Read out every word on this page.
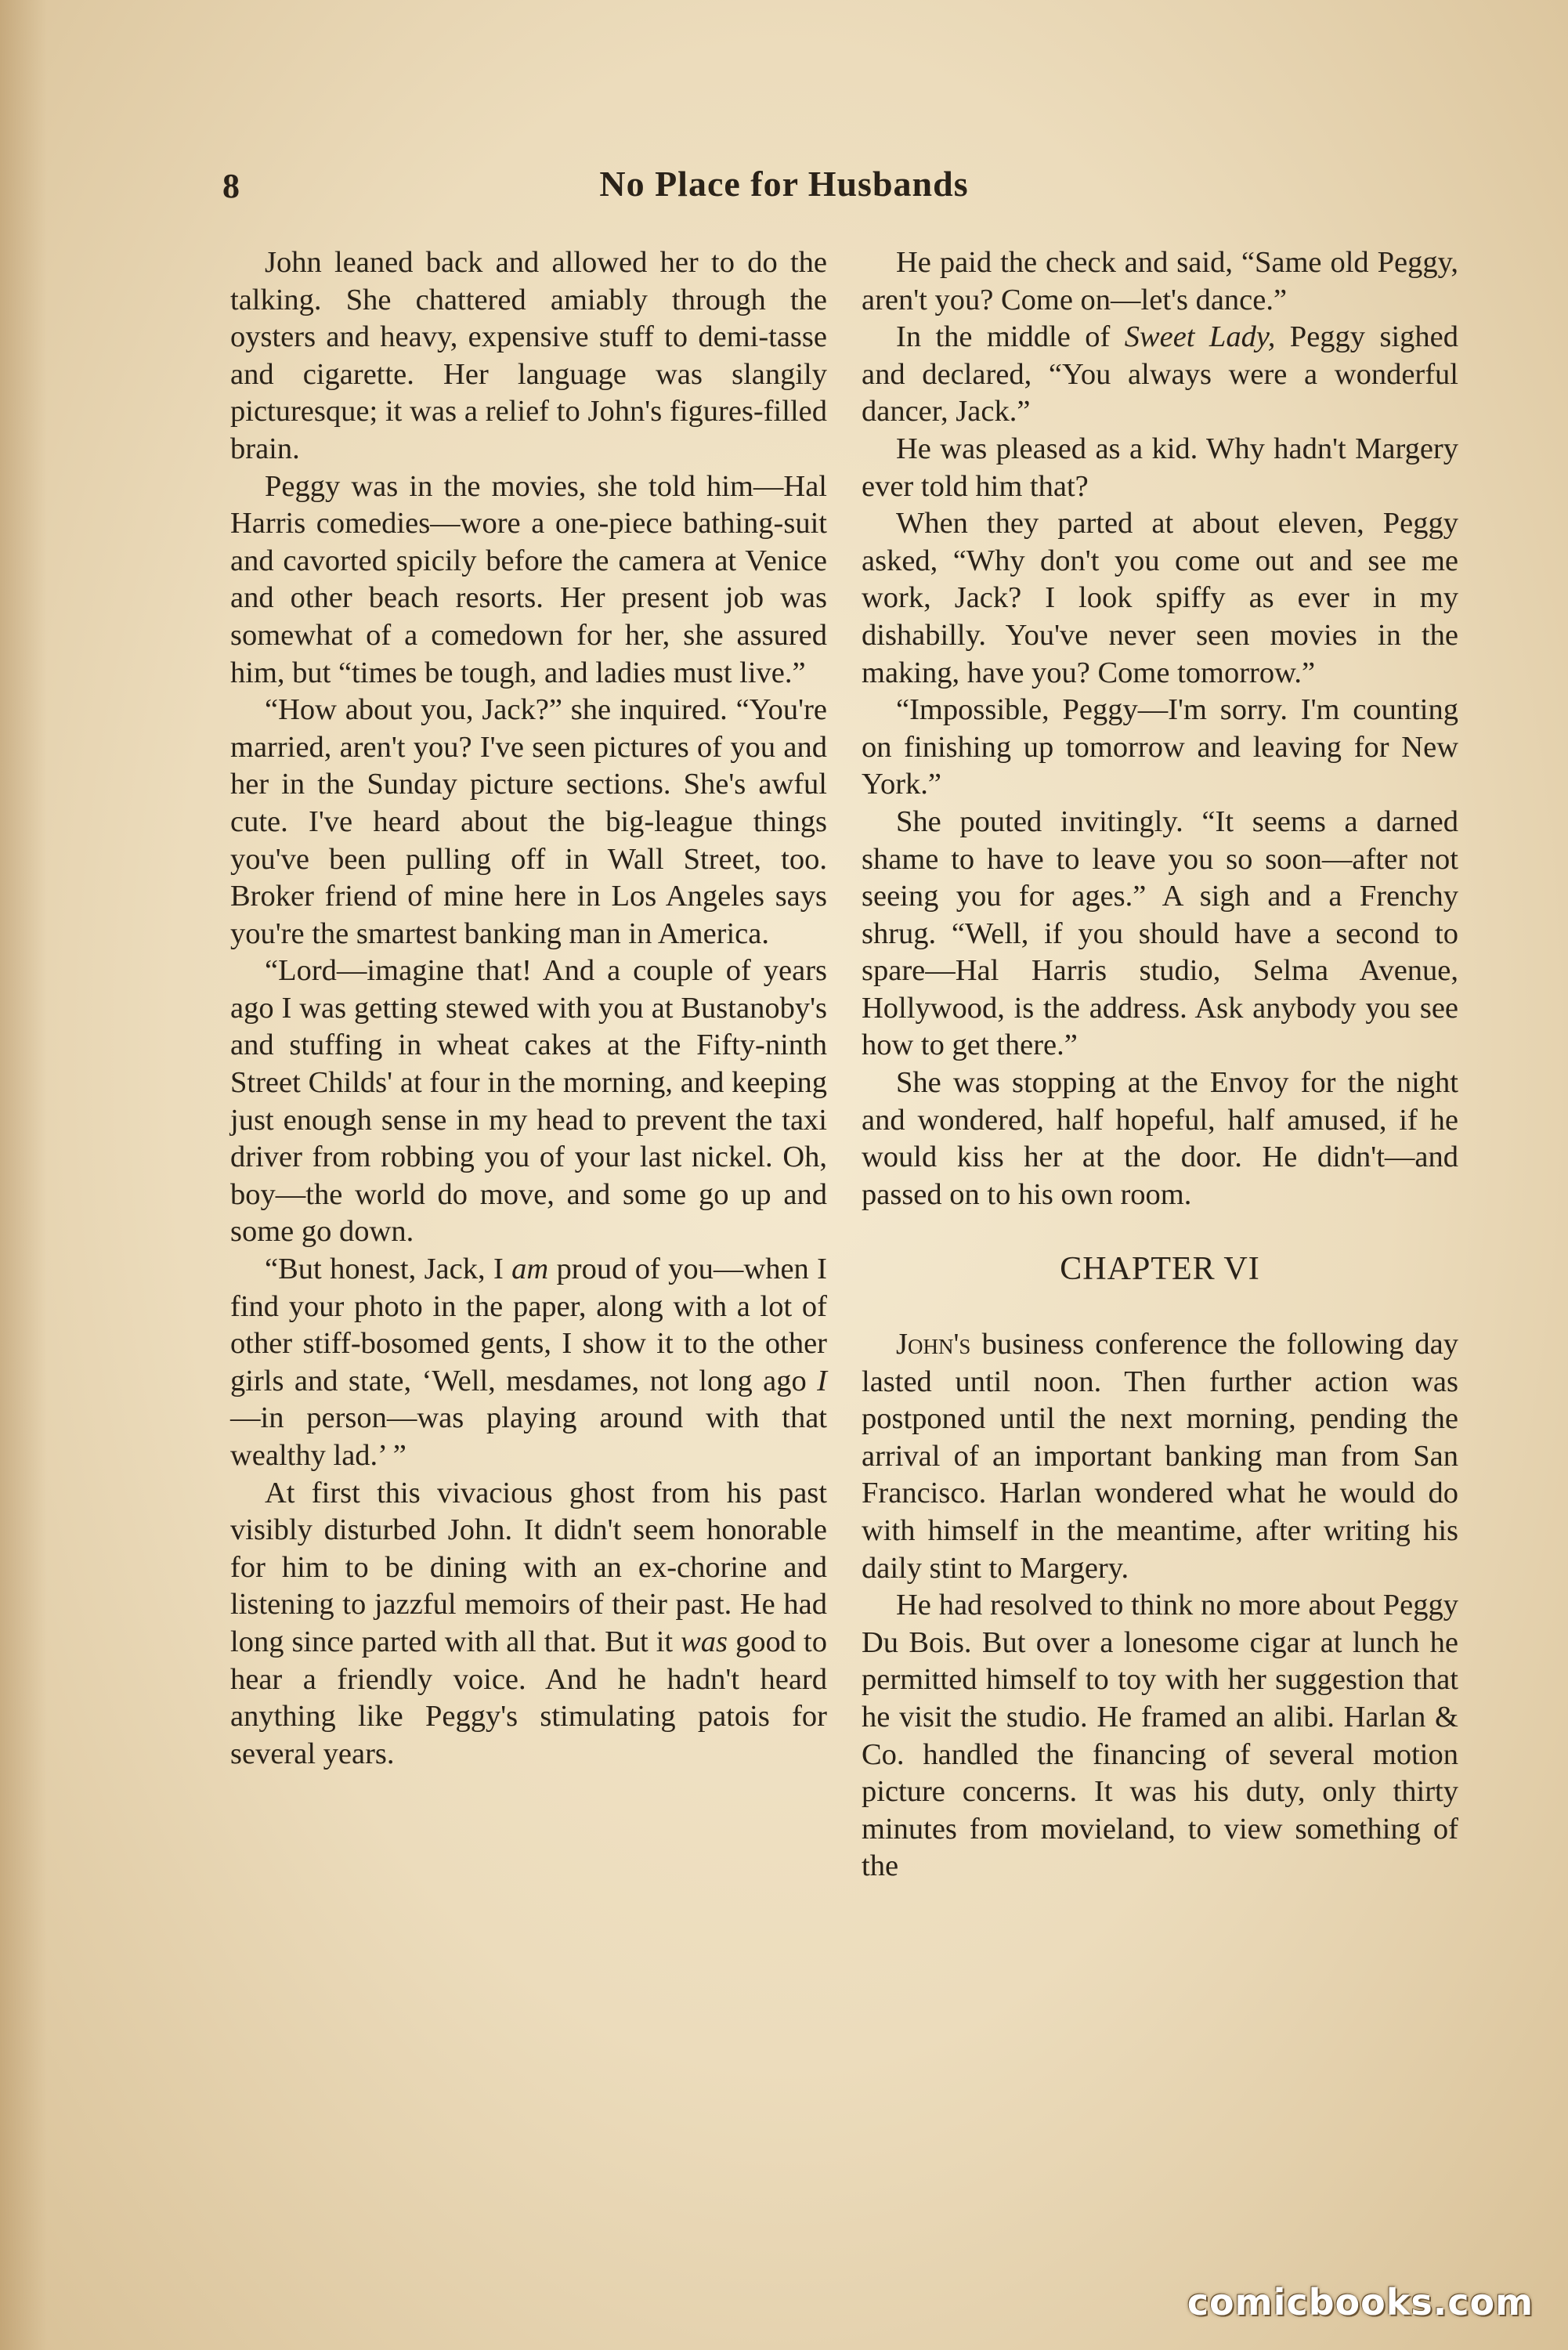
8	No Place for Husbands

John leaned back and allowed her to do the talking. She chattered amiably through the oysters and heavy, expensive stuff to demi-tasse and cigarette. Her language was slangily picturesque; it was a relief to John's figures-filled brain.

Peggy was in the movies, she told him—Hal Harris comedies—wore a one-piece bathing-suit and cavorted spicily before the camera at Venice and other beach resorts. Her present job was somewhat of a comedown for her, she assured him, but “times be tough, and ladies must live.”

“How about you, Jack?” she inquired. “You're married, aren't you? I've seen pictures of you and her in the Sunday picture sections. She's awful cute. I've heard about the big-league things you've been pulling off in Wall Street, too. Broker friend of mine here in Los Angeles says you're the smartest banking man in America.

“Lord—imagine that! And a couple of years ago I was getting stewed with you at Bustanoby's and stuffing in wheat cakes at the Fifty-ninth Street Childs' at four in the morning, and keeping just enough sense in my head to prevent the taxi driver from robbing you of your last nickel. Oh, boy—the world do move, and some go up and some go down.

“But honest, Jack, I am proud of you—when I find your photo in the paper, along with a lot of other stiff-bosomed gents, I show it to the other girls and state, ‘Well, mesdames, not long ago I—in person—was playing around with that wealthy lad.’ ”

At first this vivacious ghost from his past visibly disturbed John. It didn't seem honorable for him to be dining with an ex-chorine and listening to jazzful memoirs of their past. He had long since parted with all that. But it was good to hear a friendly voice. And he hadn't heard anything like Peggy's stimulating patois for several years.

He paid the check and said, “Same old Peggy, aren't you? Come on—let's dance.”

In the middle of Sweet Lady, Peggy sighed and declared, “You always were a wonderful dancer, Jack.”

He was pleased as a kid. Why hadn't Margery ever told him that?

When they parted at about eleven, Peggy asked, “Why don't you come out and see me work, Jack? I look spiffy as ever in my dishabilly. You've never seen movies in the making, have you? Come tomorrow.”

“Impossible, Peggy—I'm sorry. I'm counting on finishing up tomorrow and leaving for New York.”

She pouted invitingly. “It seems a darned shame to have to leave you so soon—after not seeing you for ages.” A sigh and a Frenchy shrug. “Well, if you should have a second to spare—Hal Harris studio, Selma Avenue, Hollywood, is the address. Ask anybody you see how to get there.”

She was stopping at the Envoy for the night and wondered, half hopeful, half amused, if he would kiss her at the door. He didn't—and passed on to his own room.

CHAPTER VI

John's business conference the following day lasted until noon. Then further action was postponed until the next morning, pending the arrival of an important banking man from San Francisco. Harlan wondered what he would do with himself in the meantime, after writing his daily stint to Margery.

He had resolved to think no more about Peggy Du Bois. But over a lonesome cigar at lunch he permitted himself to toy with her suggestion that he visit the studio. He framed an alibi. Harlan & Co. handled the financing of several motion picture concerns. It was his duty, only thirty minutes from movieland, to view something of the

comicbooks.com
